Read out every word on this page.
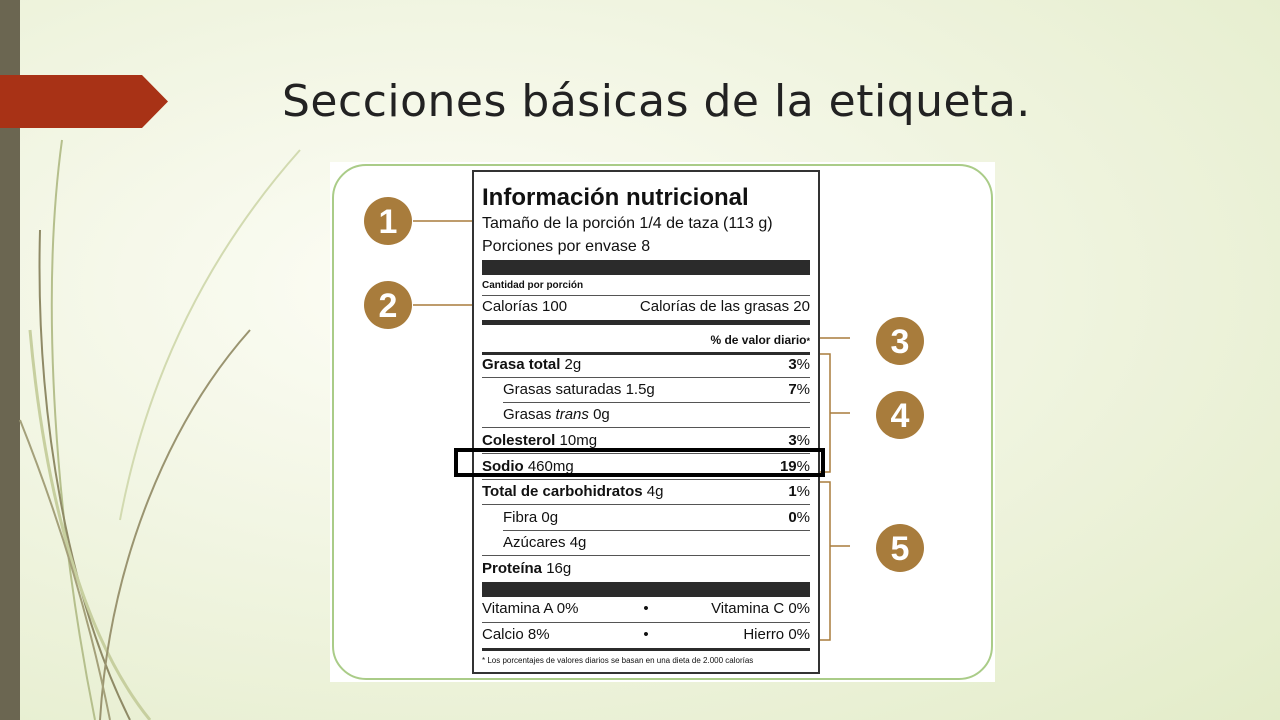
Secciones básicas de la etiqueta.
1
2
3
4
5
Información nutricional
Tamaño de la porción 1/4 de taza (113 g)
Porciones por envase 8
Cantidad por porción
Calorías 100	Calorías de las grasas 20
% de valor diario*
Grasa total 2g	3%
Grasas saturadas 1.5g	7%
Grasas trans 0g
Colesterol 10mg	3%
Sodio 460mg	19%
Total de carbohidratos 4g	1%
Fibra 0g	0%
Azúcares 4g
Proteína 16g
Vitamina A 0%	•	Vitamina C 0%
Calcio 8%	•	Hierro 0%
* Los porcentajes de valores diarios se basan en una dieta de 2.000 calorías
